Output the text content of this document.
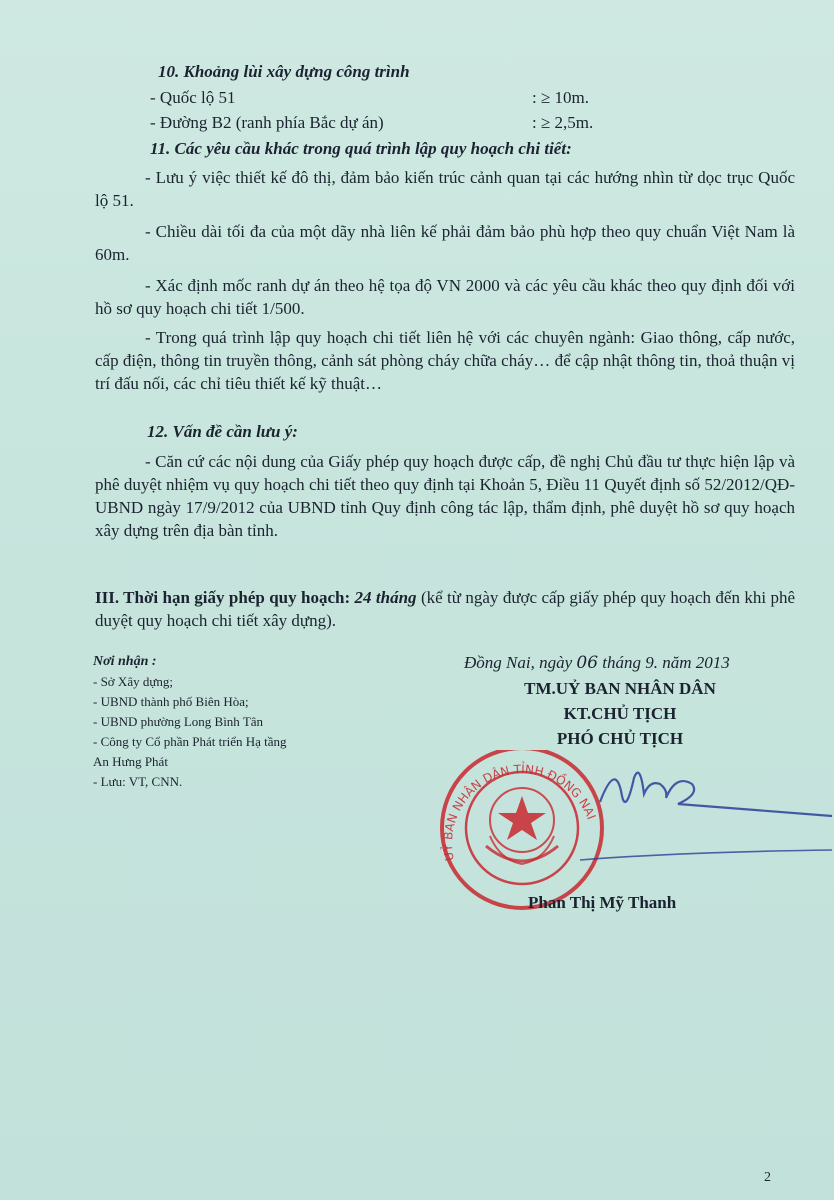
10. Khoảng lùi xây dựng công trình
- Quốc lộ 51	: ≥ 10m.
- Đường B2 (ranh phía Bắc dự án)	: ≥ 2,5m.
11. Các yêu cầu khác trong quá trình lập quy hoạch chi tiết:
- Lưu ý việc thiết kế đô thị, đảm bảo kiến trúc cảnh quan tại các hướng nhìn từ dọc trục Quốc lộ 51.
- Chiều dài tối đa của một dãy nhà liên kế phải đảm bảo phù hợp theo quy chuẩn Việt Nam là 60m.
- Xác định mốc ranh dự án theo hệ tọa độ VN 2000 và các yêu cầu khác theo quy định đối với hồ sơ quy hoạch chi tiết 1/500.
- Trong quá trình lập quy hoạch chi tiết liên hệ với các chuyên ngành: Giao thông, cấp nước, cấp điện, thông tin truyền thông, cảnh sát phòng cháy chữa cháy… để cập nhật thông tin, thoả thuận vị trí đấu nối, các chỉ tiêu thiết kế kỹ thuật…
12. Vấn đề cần lưu ý:
- Căn cứ các nội dung của Giấy phép quy hoạch được cấp, đề nghị Chủ đầu tư thực hiện lập và phê duyệt nhiệm vụ quy hoạch chi tiết theo quy định tại Khoản 5, Điều 11 Quyết định số 52/2012/QĐ-UBND ngày 17/9/2012 của UBND tỉnh Quy định công tác lập, thẩm định, phê duyệt hồ sơ quy hoạch xây dựng trên địa bàn tỉnh.
III. Thời hạn giấy phép quy hoạch: 24 tháng (kể từ ngày được cấp giấy phép quy hoạch đến khi phê duyệt quy hoạch chi tiết xây dựng).
Nơi nhận :
- Sở Xây dựng;
- UBND thành phố Biên Hòa;
- UBND phường Long Bình Tân
- Công ty Cổ phần Phát triển Hạ tầng
An Hưng Phát
- Lưu: VT, CNN.
Đồng Nai, ngày 06 tháng 9. năm 2013
TM.UỶ BAN NHÂN DÂN
KT.CHỦ TỊCH
PHÓ CHỦ TỊCH
UỶ BAN NHÂN DÂN TỈNH ĐỒNG NAI
Phan Thị Mỹ Thanh
2
